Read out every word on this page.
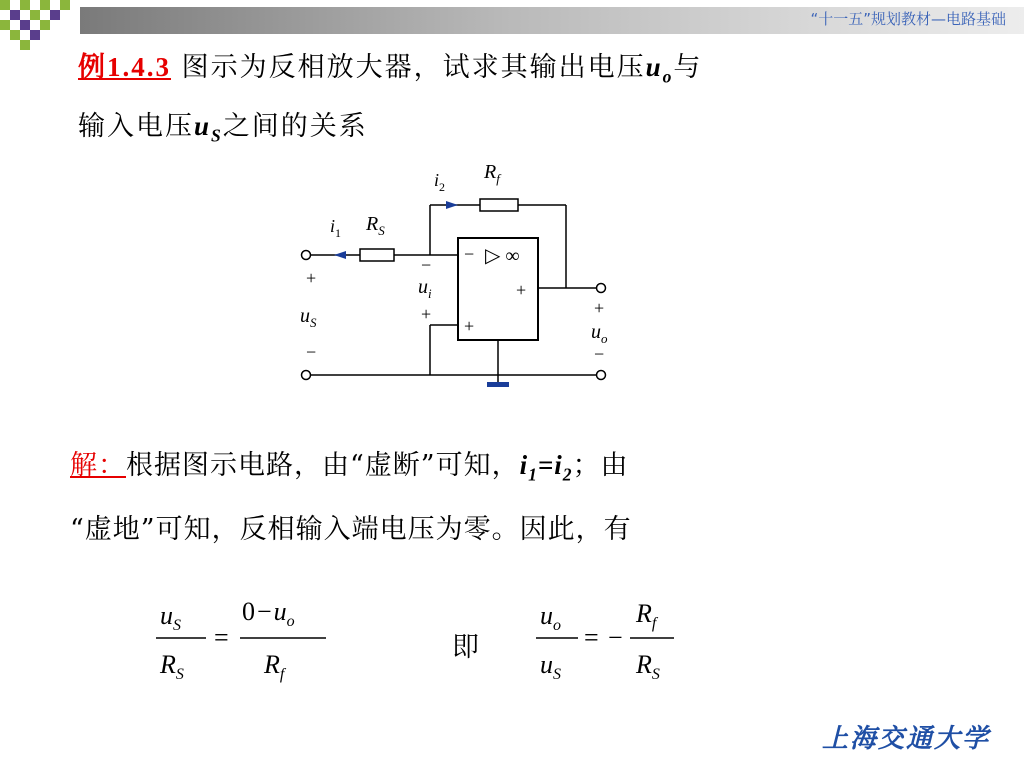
“十一五”规划教材—电路基础
例1.4.3 图示为反相放大器，试求其输出电压$u_o$与
输入电压$u_S$之间的关系
$i_1$ $R_S$
$i_2$
$R_f$
+
$u_S$
−
−
$u_i$
+
− ▷ ∞
+
+
+
$u_o$
−
解：根据图示电路，由“虚断”可知，$i_1=i_2$；由
“虚地”可知，反相输入端电压为零。因此，有
$u_S$
$R_S$
=
$0-u_o$
$R_f$
即
$u_o$
$u_S$
= −
$R_f$
$R_S$
上海交通大学
